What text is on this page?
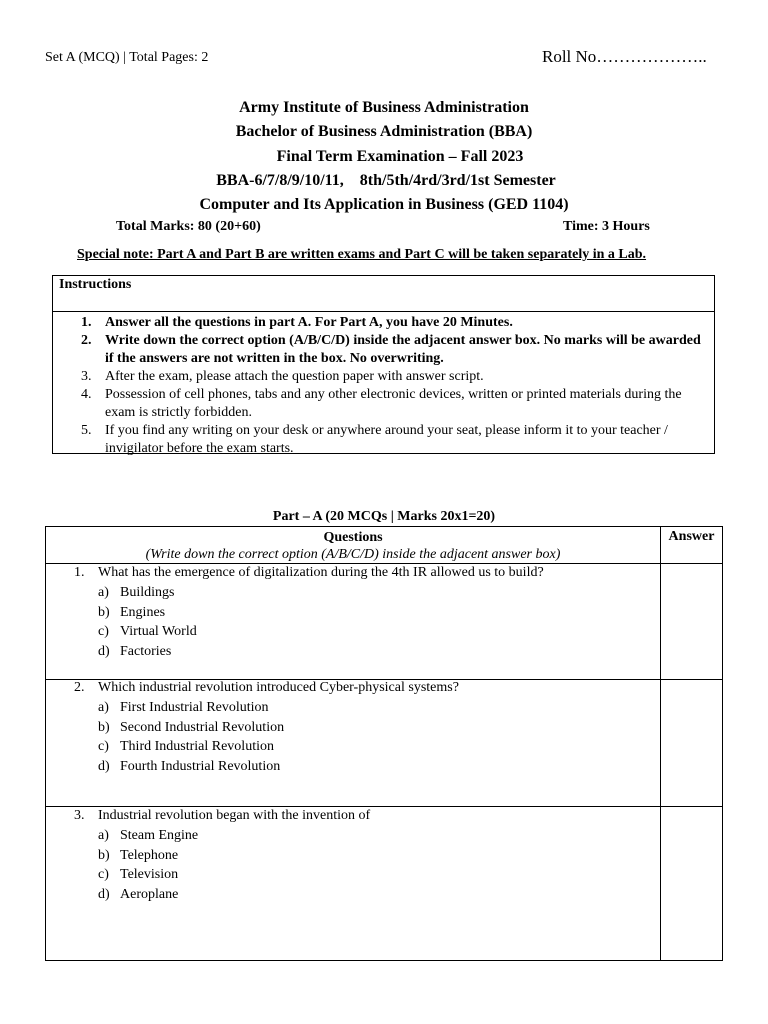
Set A (MCQ) | Total Pages: 2	Roll No………………..
Army Institute of Business Administration
Bachelor of Business Administration (BBA)
Final Term Examination – Fall 2023
BBA-6/7/8/9/10/11,    8th/5th/4rd/3rd/1st Semester
Computer and Its Application in Business (GED 1104)
Total Marks: 80 (20+60)	Time: 3 Hours
Special note: Part A and Part B are written exams and Part C will be taken separately in a Lab.
Instructions
1. Answer all the questions in part A. For Part A, you have 20 Minutes.
2. Write down the correct option (A/B/C/D) inside the adjacent answer box. No marks will be awarded if the answers are not written in the box. No overwriting.
3. After the exam, please attach the question paper with answer script.
4. Possession of cell phones, tabs and any other electronic devices, written or printed materials during the exam is strictly forbidden.
5. If you find any writing on your desk or anywhere around your seat, please inform it to your teacher / invigilator before the exam starts.
Part – A (20 MCQs | Marks 20x1=20)
Questions
(Write down the correct option (A/B/C/D) inside the adjacent answer box)
Answer
1. What has the emergence of digitalization during the 4th IR allowed us to build?
a) Buildings
b) Engines
c) Virtual World
d) Factories
2. Which industrial revolution introduced Cyber-physical systems?
a) First Industrial Revolution
b) Second Industrial Revolution
c) Third Industrial Revolution
d) Fourth Industrial Revolution
3. Industrial revolution began with the invention of
a) Steam Engine
b) Telephone
c) Television
d) Aeroplane
